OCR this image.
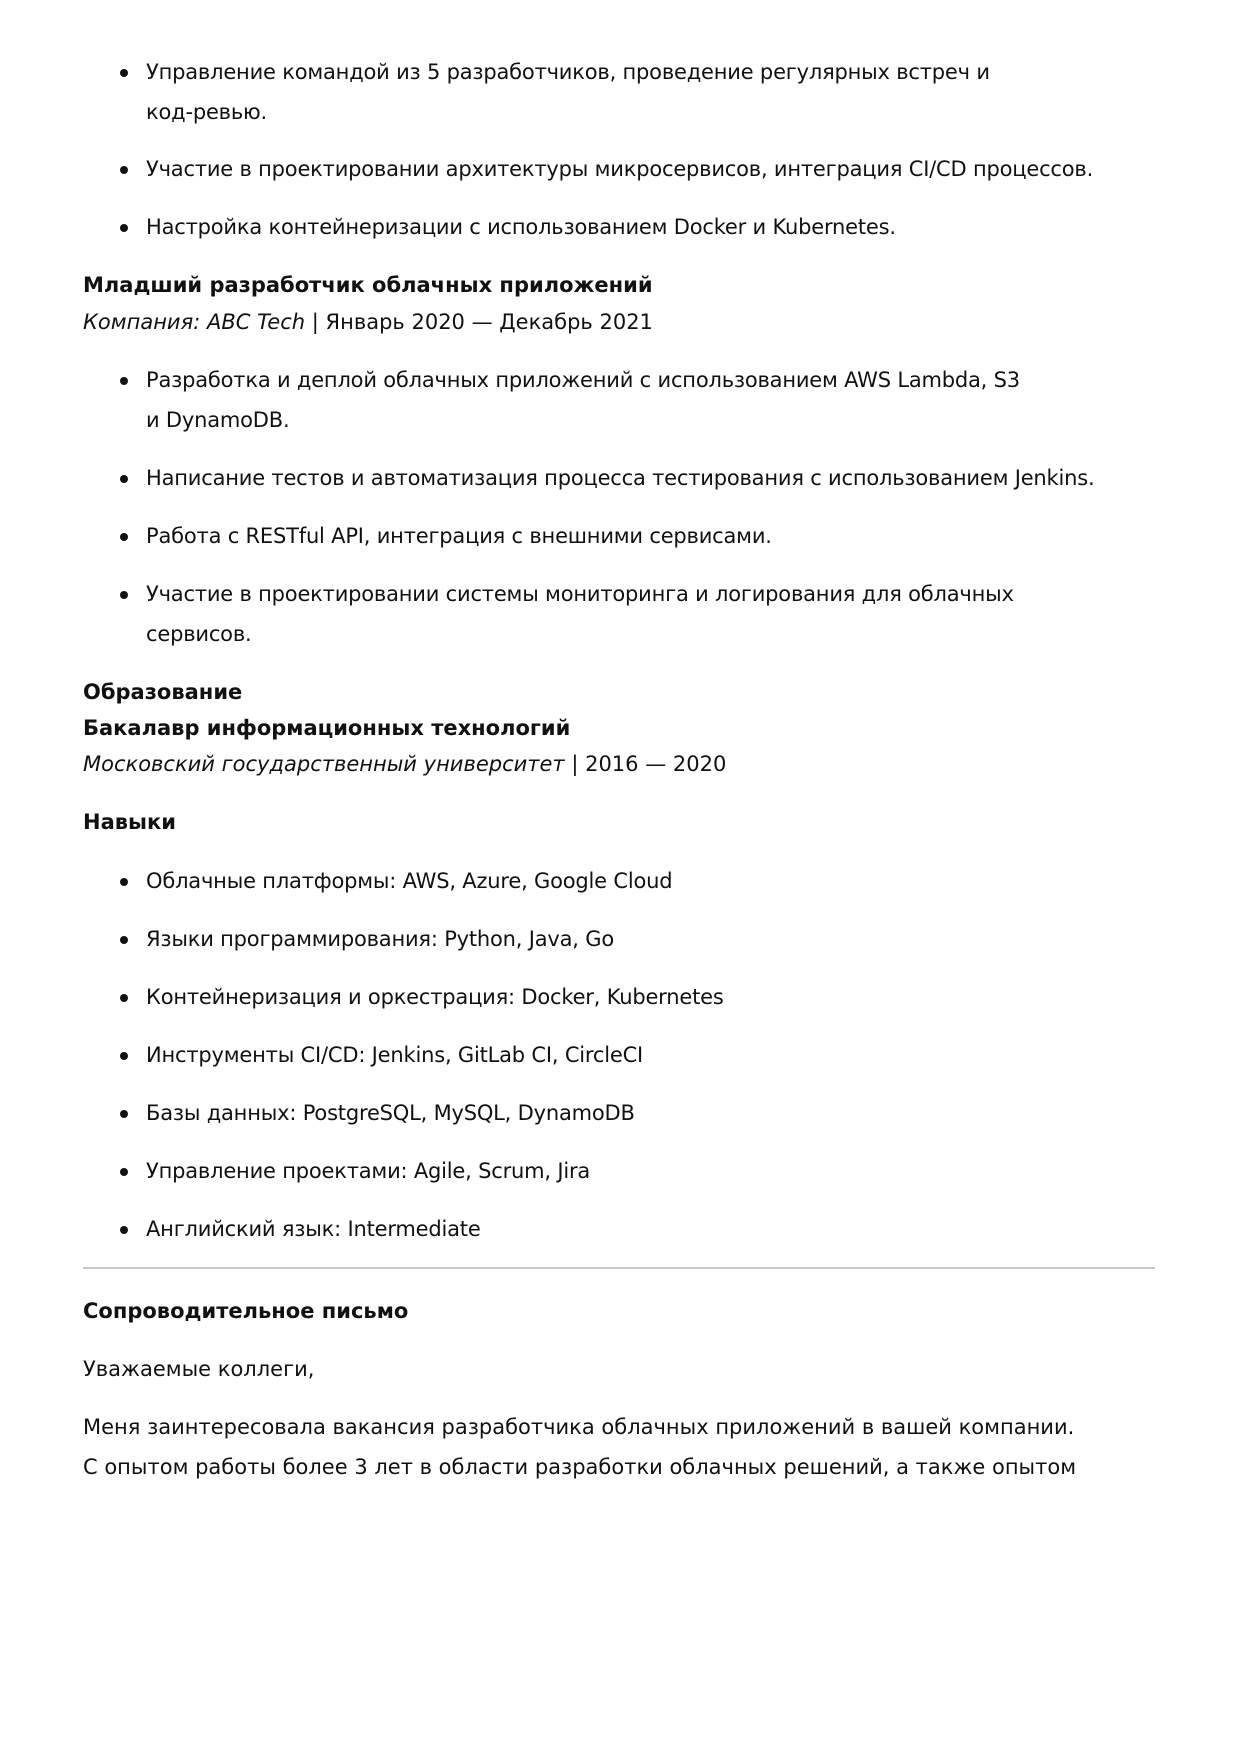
Управление командой из 5 разработчиков, проведение регулярных встреч и код-ревью.
Участие в проектировании архитектуры микросервисов, интеграция CI/CD процессов.
Настройка контейнеризации с использованием Docker и Kubernetes.

Младший разработчик облачных приложений

Компания: ABC Tech | Январь 2020 — Декабрь 2021

Разработка и деплой облачных приложений с использованием AWS Lambda, S3 и DynamoDB.
Написание тестов и автоматизация процесса тестирования с использованием Jenkins.
Работа с RESTful API, интеграция с внешними сервисами.
Участие в проектировании системы мониторинга и логирования для облачных сервисов.

Образование

Бакалавр информационных технологий

Московский государственный университет | 2016 — 2020

Навыки

Облачные платформы: AWS, Azure, Google Cloud
Языки программирования: Python, Java, Go
Контейнеризация и оркестрация: Docker, Kubernetes
Инструменты CI/CD: Jenkins, GitLab CI, CircleCI
Базы данных: PostgreSQL, MySQL, DynamoDB
Управление проектами: Agile, Scrum, Jira
Английский язык: Intermediate

Сопроводительное письмо

Уважаемые коллеги,

Меня заинтересовала вакансия разработчика облачных приложений в вашей компании. С опытом работы более 3 лет в области разработки облачных решений, а также опытом
